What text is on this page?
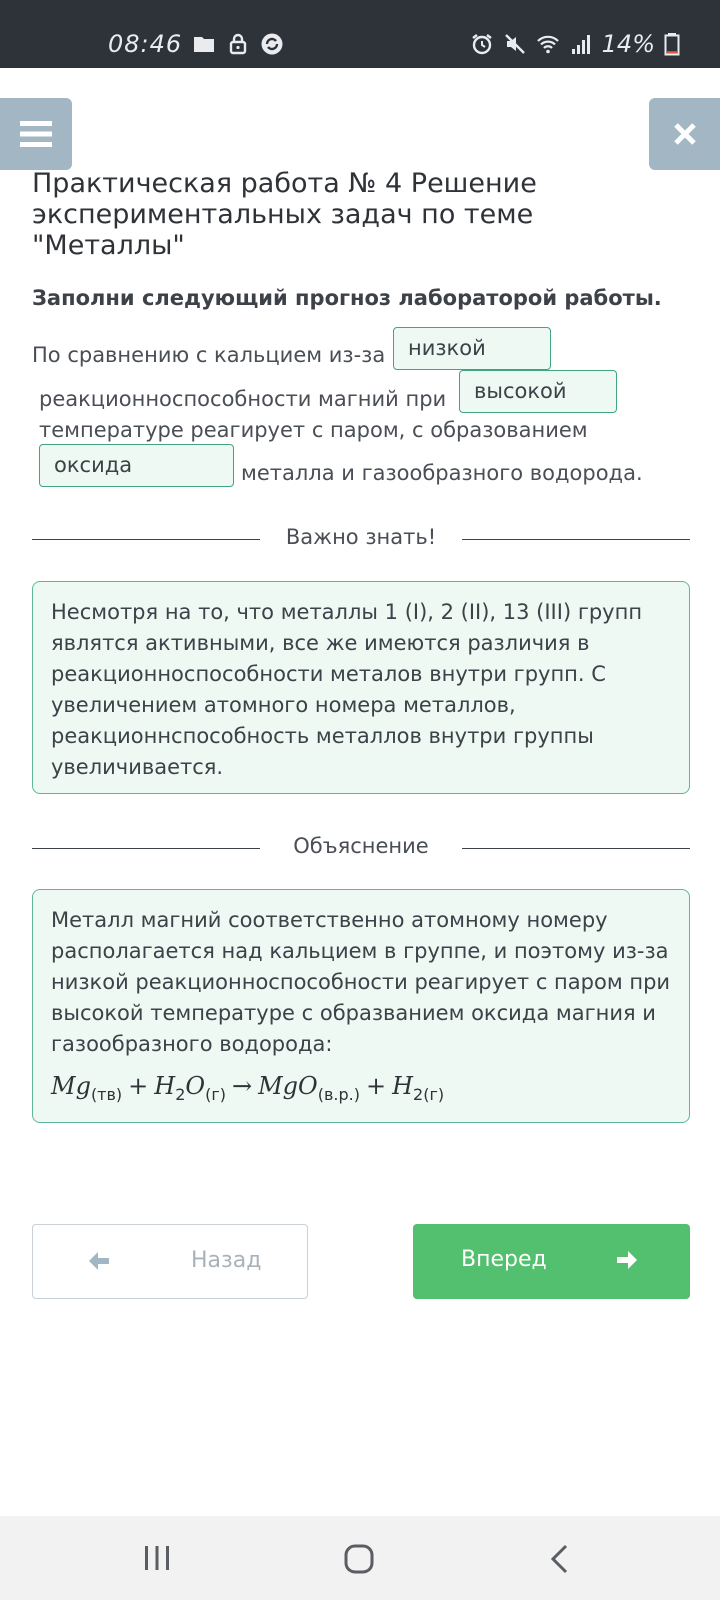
08:46	14%
Практическая работа № 4 Решение экспериментальных задач по теме "Металлы"
Заполни следующий прогноз лабораторой работы.
По сравнению с кальцием из-за	низкой
реакционноспособности магний при	высокой
температуре реагирует с паром, с образованием
оксида	металла и газообразного водорода.
Важно знать!

Несмотря на то, что металлы 1 (I), 2 (II), 13 (III) групп являтся активными, все же имеются различия в реакционноспособности металов внутри групп. С увеличением атомного номера металлов, реакционнспособность металлов внутри группы увеличивается.

Объяснение

Металл магний соответственно атомному номеру располагается над кальцием в группе, и поэтому из-за низкой реакционноспособности реагирует с паром при высокой температуре с образванием оксида магния и газообразного водорода:

$Mg_{(тв)} + H_2O_{(г)} \to MgO_{(в.р.)} + H_{2(г)}$
Назад	Вперед
